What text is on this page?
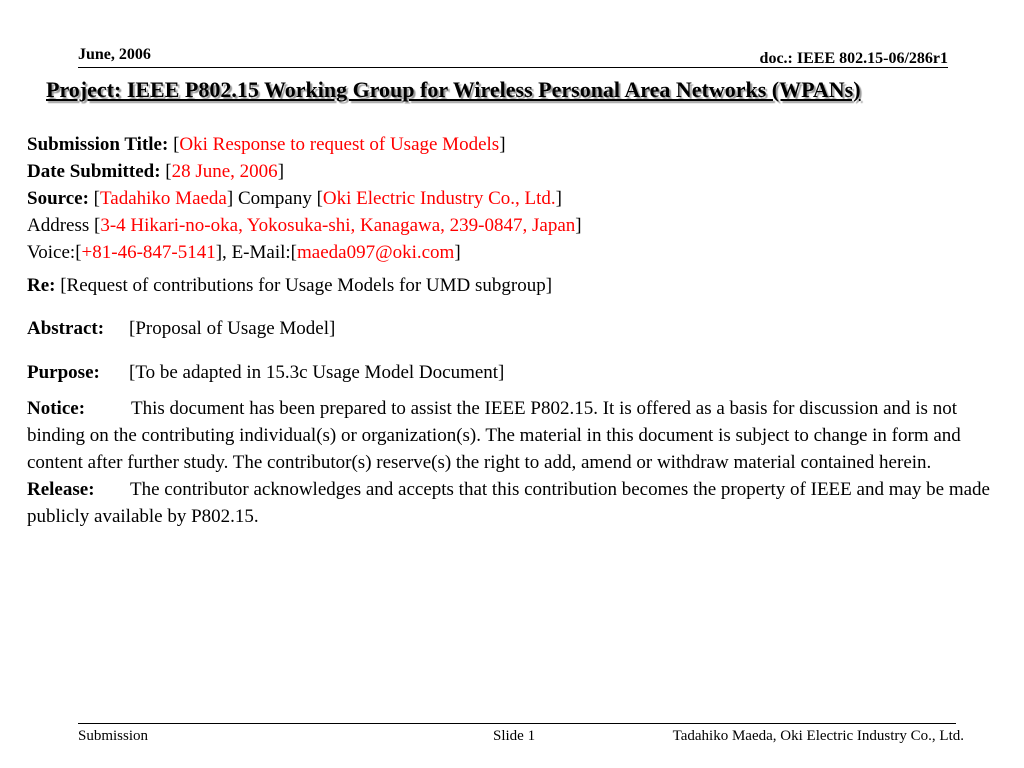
June, 2006	doc.: IEEE 802.15-06/286r1
Project: IEEE P802.15 Working Group for Wireless Personal Area Networks (WPANs)
Submission Title: [Oki Response to request of Usage Models]
Date Submitted: [28 June, 2006]
Source: [Tadahiko Maeda] Company [Oki Electric Industry Co., Ltd.]
Address [3-4 Hikari-no-oka, Yokosuka-shi, Kanagawa, 239-0847, Japan]
Voice:[+81-46-847-5141], E-Mail:[maeda097@oki.com]
Re: [Request of contributions for Usage Models for UMD subgroup]
Abstract: [Proposal of Usage Model]
Purpose: [To be adapted in 15.3c Usage Model Document]
Notice: This document has been prepared to assist the IEEE P802.15. It is offered as a basis for discussion and is not binding on the contributing individual(s) or organization(s). The material in this document is subject to change in form and content after further study. The contributor(s) reserve(s) the right to add, amend or withdraw material contained herein.
Release: The contributor acknowledges and accepts that this contribution becomes the property of IEEE and may be made publicly available by P802.15.
Submission	Slide 1	Tadahiko Maeda, Oki Electric Industry Co., Ltd.
